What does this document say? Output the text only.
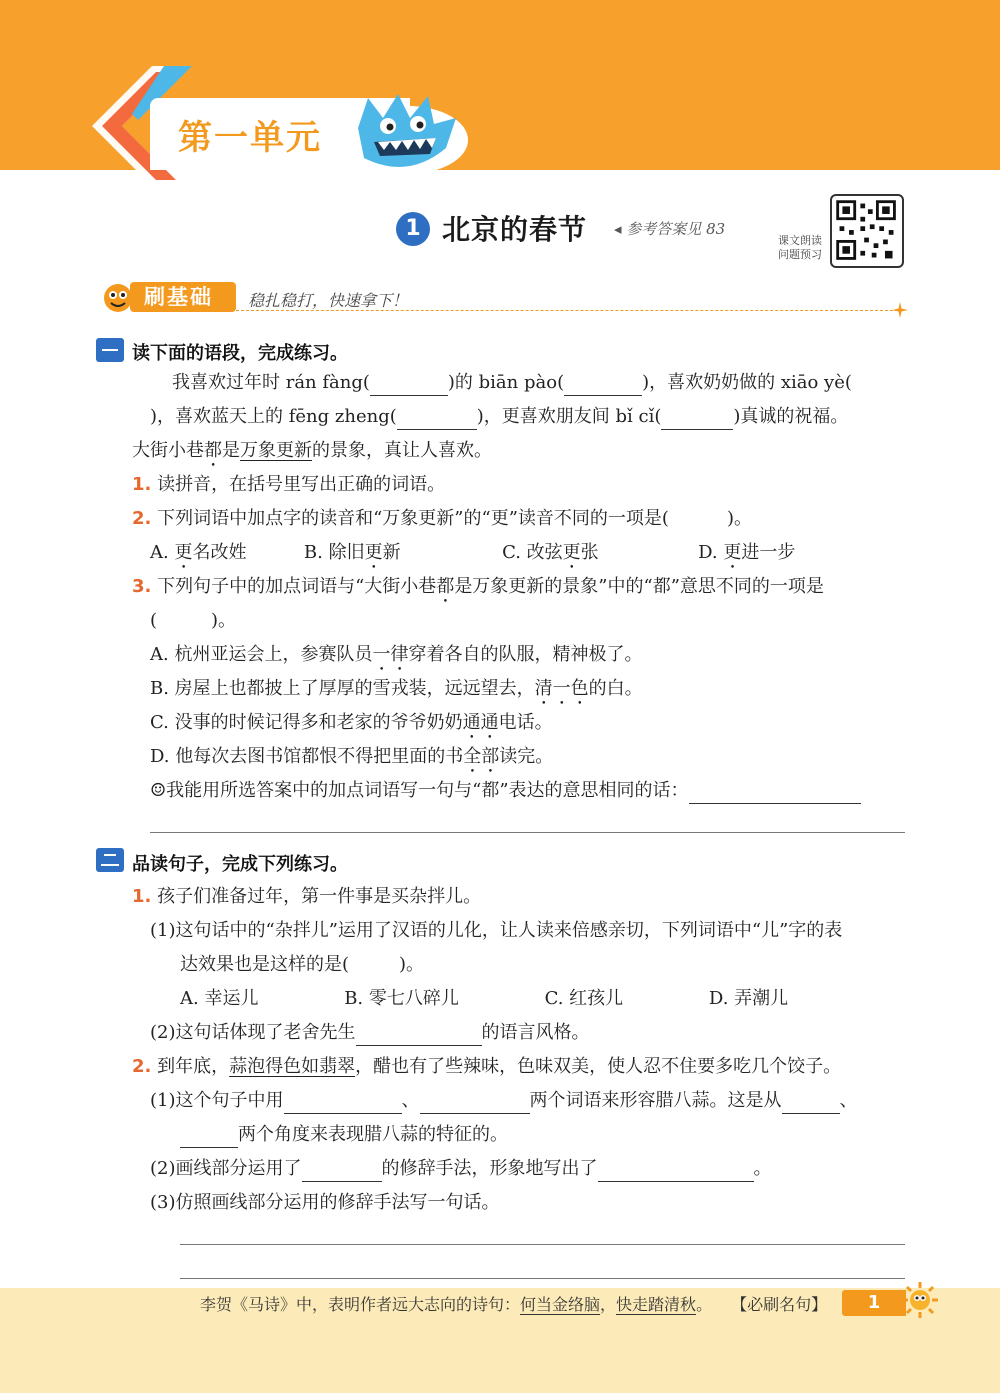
第一单元
1 北京的春节 ◂ 参考答案见 83
课文朗读
问题预习
刷基础	稳扎稳打，快速拿下！
读下面的语段，完成练习。
我喜欢过年时 rán fàng(	)的 biān pào(	)，喜欢奶奶做的 xiāo yè(
)，喜欢蓝天上的 fēng zheng(	)，更喜欢朋友间 bǐ cǐ(	)真诚的祝福。
大街小巷都是万象更新的景象，真让人喜欢。
1. 读拼音，在括号里写出正确的词语。
2. 下列词语中加点字的读音和“万象更新”的“更”读音不同的一项是(	)。
A. 更名改姓	B. 除旧更新	C. 改弦更张	D. 更进一步
3. 下列句子中的加点词语与“大街小巷都是万象更新的景象”中的“都”意思不同的一项是
(　　　)。
A. 杭州亚运会上，参赛队员一律穿着各自的队服，精神极了。
B. 房屋上也都披上了厚厚的雪戎装，远远望去，清一色的白。
C. 没事的时候记得多和老家的爷爷奶奶通通电话。
D. 他每次去图书馆都恨不得把里面的书全部读完。
☺我能用所选答案中的加点词语写一句与“都”表达的意思相同的话：
品读句子，完成下列练习。
1. 孩子们准备过年，第一件事是买杂拌儿。
(1)这句话中的“杂拌儿”运用了汉语的儿化，让人读来倍感亲切，下列词语中“儿”字的表
达效果也是这样的是(	)。
A. 幸运儿	B. 零七八碎儿	C. 红孩儿	D. 弄潮儿
(2)这句话体现了老舍先生	的语言风格。
2. 到年底，蒜泡得色如翡翠，醋也有了些辣味，色味双美，使人忍不住要多吃几个饺子。
(1)这个句子中用	、	两个词语来形容腊八蒜。这是从	、
两个角度来表现腊八蒜的特征的。
(2)画线部分运用了	的修辞手法，形象地写出了	。
(3)仿照画线部分运用的修辞手法写一句话。
李贺《马诗》中，表明作者远大志向的诗句：何当金络脑，快走踏清秋。 【必刷名句】	1
